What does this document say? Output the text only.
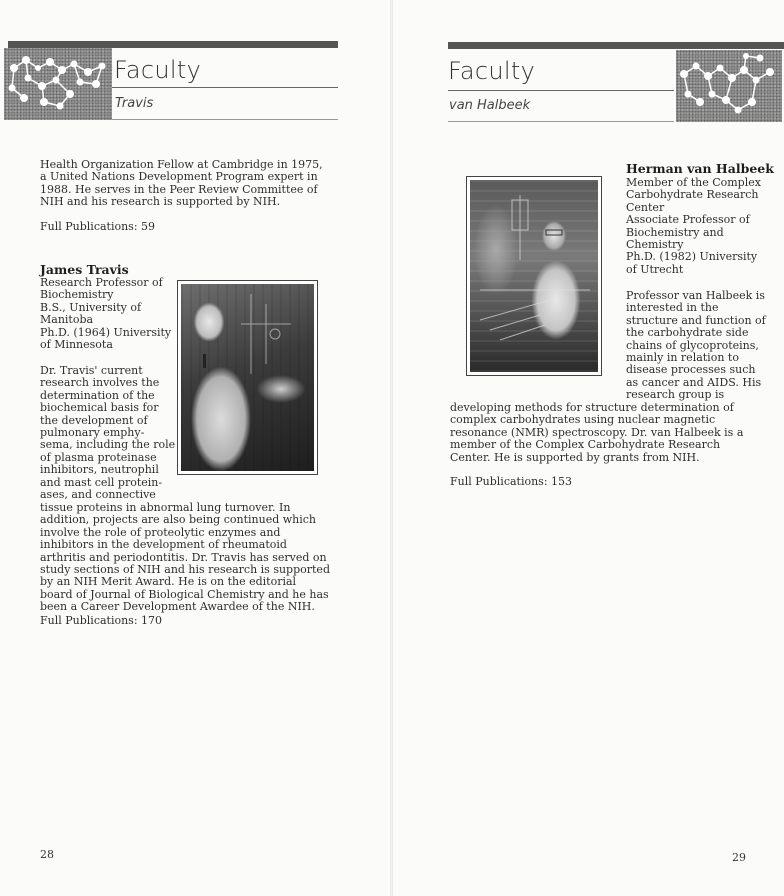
Faculty
Travis

Health Organization Fellow at Cambridge in 1975, a United Nations Development Program expert in 1988. He serves in the Peer Review Committee of NIH and his research is supported by NIH.

Full Publications: 59
James Travis
Research Professor of
Biochemistry
B.S., University of
Manitoba
Ph.D. (1964) University
of Minnesota
Dr. Travis' current
research involves the
determination of the
biochemical basis for
the development of
pulmonary emphy-
sema, including the role
of plasma proteinase
inhibitors, neutrophil
and mast cell protein-
ases, and connective

tissue proteins in abnormal lung turnover. In addition, projects are also being continued which involve the role of proteolytic enzymes and inhibitors in the development of rheumatoid arthritis and periodontitis. Dr. Travis has served on study sections of NIH and his research is supported by an NIH Merit Award. He is on the editorial board of Journal of Biological Chemistry and he has been a Career Development Awardee of the NIH.

Full Publications: 170
28
Faculty
van Halbeek
Herman van Halbeek
Member of the Complex
Carbohydrate Research
Center
Associate Professor of
Biochemistry and
Chemistry
Ph.D. (1982) University
of Utrecht
Professor van Halbeek is
interested in the
structure and function of
the carbohydrate side
chains of glycoproteins,
mainly in relation to
disease processes such
as cancer and AIDS. His
research group is

developing methods for structure determination of complex carbohydrates using nuclear magnetic resonance (NMR) spectroscopy. Dr. van Halbeek is a member of the Complex Carbohydrate Research Center. He is supported by grants from NIH.

Full Publications: 153
29
